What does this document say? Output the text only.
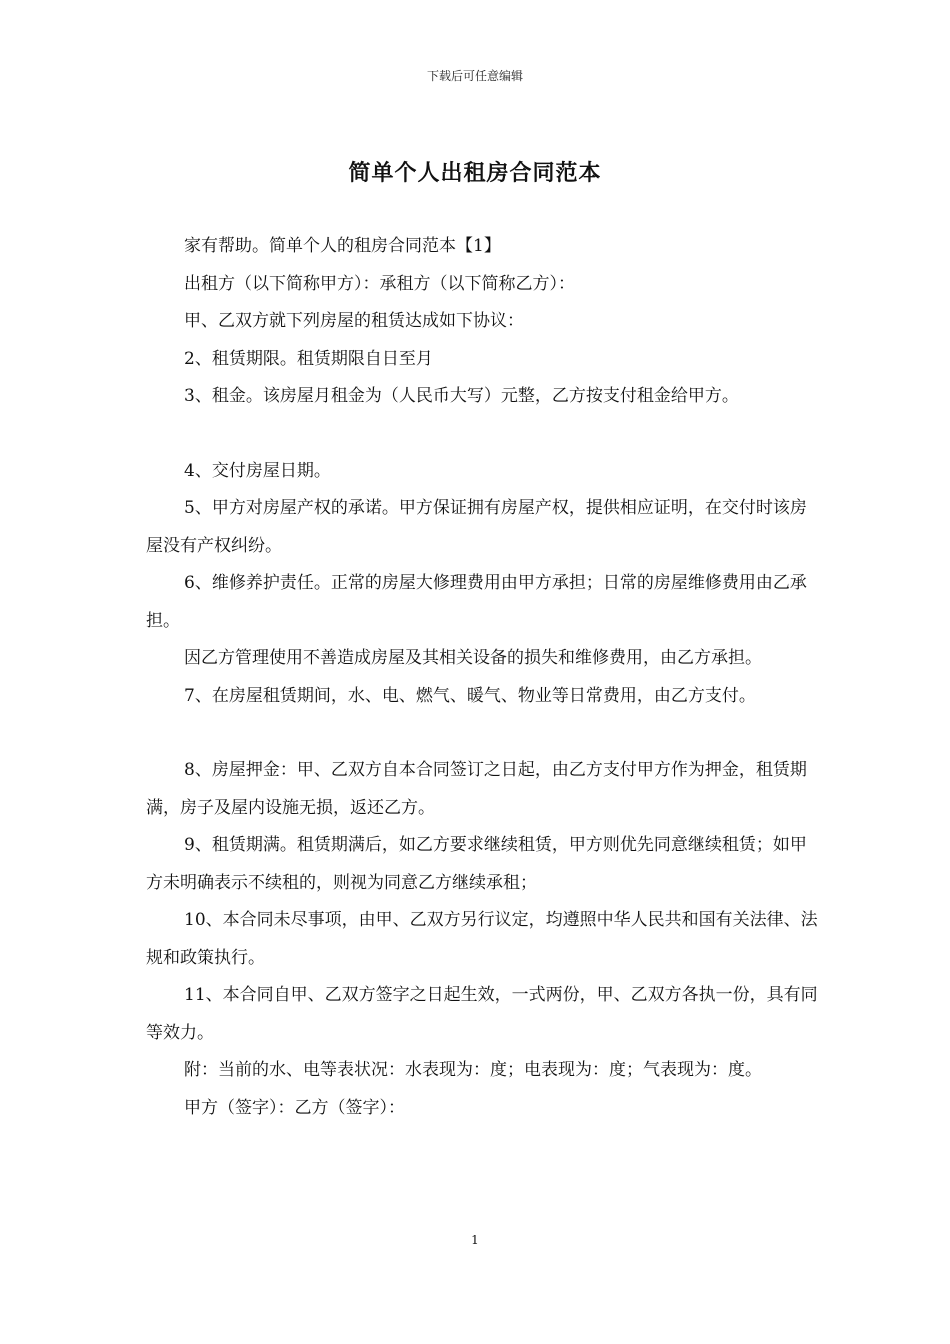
下载后可任意编辑
简单个人出租房合同范本

家有帮助。简单个人的租房合同范本【1】

出租方（以下简称甲方）：承租方（以下简称乙方）：

甲、乙双方就下列房屋的租赁达成如下协议：

2、租赁期限。租赁期限自日至月

3、租金。该房屋月租金为（人民币大写）元整，乙方按支付租金给甲方。

4、交付房屋日期。

5、甲方对房屋产权的承诺。甲方保证拥有房屋产权，提供相应证明，在交付时该房屋没有产权纠纷。

6、维修养护责任。正常的房屋大修理费用由甲方承担；日常的房屋维修费用由乙承担。

因乙方管理使用不善造成房屋及其相关设备的损失和维修费用，由乙方承担。

7、在房屋租赁期间，水、电、燃气、暖气、物业等日常费用，由乙方支付。

8、房屋押金：甲、乙双方自本合同签订之日起，由乙方支付甲方作为押金，租赁期满，房子及屋内设施无损，返还乙方。

9、租赁期满。租赁期满后，如乙方要求继续租赁，甲方则优先同意继续租赁；如甲方未明确表示不续租的，则视为同意乙方继续承租；

10、本合同未尽事项，由甲、乙双方另行议定，均遵照中华人民共和国有关法律、法规和政策执行。

11、本合同自甲、乙双方签字之日起生效，一式两份，甲、乙双方各执一份，具有同等效力。

附：当前的水、电等表状况：水表现为：度；电表现为：度；气表现为：度。

甲方（签字）：乙方（签字）：

1
